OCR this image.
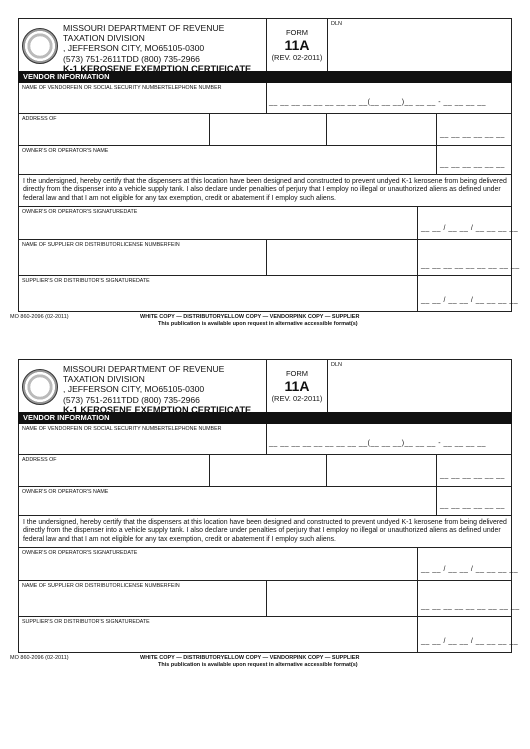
MISSOURI DEPARTMENT OF REVENUE
TAXATION DIVISION
, JEFFERSON CITY, MO65105-0300
(573) 751-2611TDD (800) 735-2966
K-1 KEROSENE EXEMPTION CERTIFICATE
FORM
11A
(REV. 02-2011)
DLN
VENDOR INFORMATION
NAME OF VENDORFEIN OR SOCIAL SECURITY NUMBERTELEPHONE NUMBER
__ __ __ __ __ __ __ __ __(__ __ __)__ __ __ - __ __ __ __
ADDRESS OF
__ __ __ __ __ __
OWNER'S OR OPERATOR'S NAME
__ __ __ __ __ __
I the undersigned, hereby certify that the dispensers at this location have been designed and constructed to prevent undyed K-1 kerosene from being delivered directly from the dispenser into a vehicle supply tank. I also declare under penalties of perjury that I employ no illegal or unauthorized aliens as defined under federal law and that I am not eligible for any tax exemption, credit or abatement if I employ such aliens.
OWNER'S OR OPERATOR'S SIGNATUREDATE
__ __ / __ __ / __ __ __ __
NAME OF SUPPLIER OR DISTRIBUTORLICENSE NUMBERFEIN
__ __ __ __ __ __ __ __ __
SUPPLIER'S OR DISTRIBUTOR'S SIGNATUREDATE
__ __ / __ __ / __ __ __ __
MO 860-2096 (02-2011)	WHITE COPY — DISTRIBUTORYELLOW COPY — VENDORPINK COPY — SUPPLIER
This publication is available upon request in alternative accessible format(s)
MISSOURI DEPARTMENT OF REVENUE
TAXATION DIVISION
, JEFFERSON CITY, MO65105-0300
(573) 751-2611TDD (800) 735-2966
K-1 KEROSENE EXEMPTION CERTIFICATE
FORM
11A
(REV. 02-2011)
DLN
VENDOR INFORMATION
NAME OF VENDORFEIN OR SOCIAL SECURITY NUMBERTELEPHONE NUMBER
__ __ __ __ __ __ __ __ __(__ __ __)__ __ __ - __ __ __ __
ADDRESS OF
__ __ __ __ __ __
OWNER'S OR OPERATOR'S NAME
__ __ __ __ __ __
I the undersigned, hereby certify that the dispensers at this location have been designed and constructed to prevent undyed K-1 kerosene from being delivered directly from the dispenser into a vehicle supply tank. I also declare under penalties of perjury that I employ no illegal or unauthorized aliens as defined under federal law and that I am not eligible for any tax exemption, credit or abatement if I employ such aliens.
OWNER'S OR OPERATOR'S SIGNATUREDATE
__ __ / __ __ / __ __ __ __
NAME OF SUPPLIER OR DISTRIBUTORLICENSE NUMBERFEIN
__ __ __ __ __ __ __ __ __
SUPPLIER'S OR DISTRIBUTOR'S SIGNATUREDATE
__ __ / __ __ / __ __ __ __
MO 860-2096 (02-2011)	WHITE COPY — DISTRIBUTORYELLOW COPY — VENDORPINK COPY — SUPPLIER
This publication is available upon request in alternative accessible format(s)
